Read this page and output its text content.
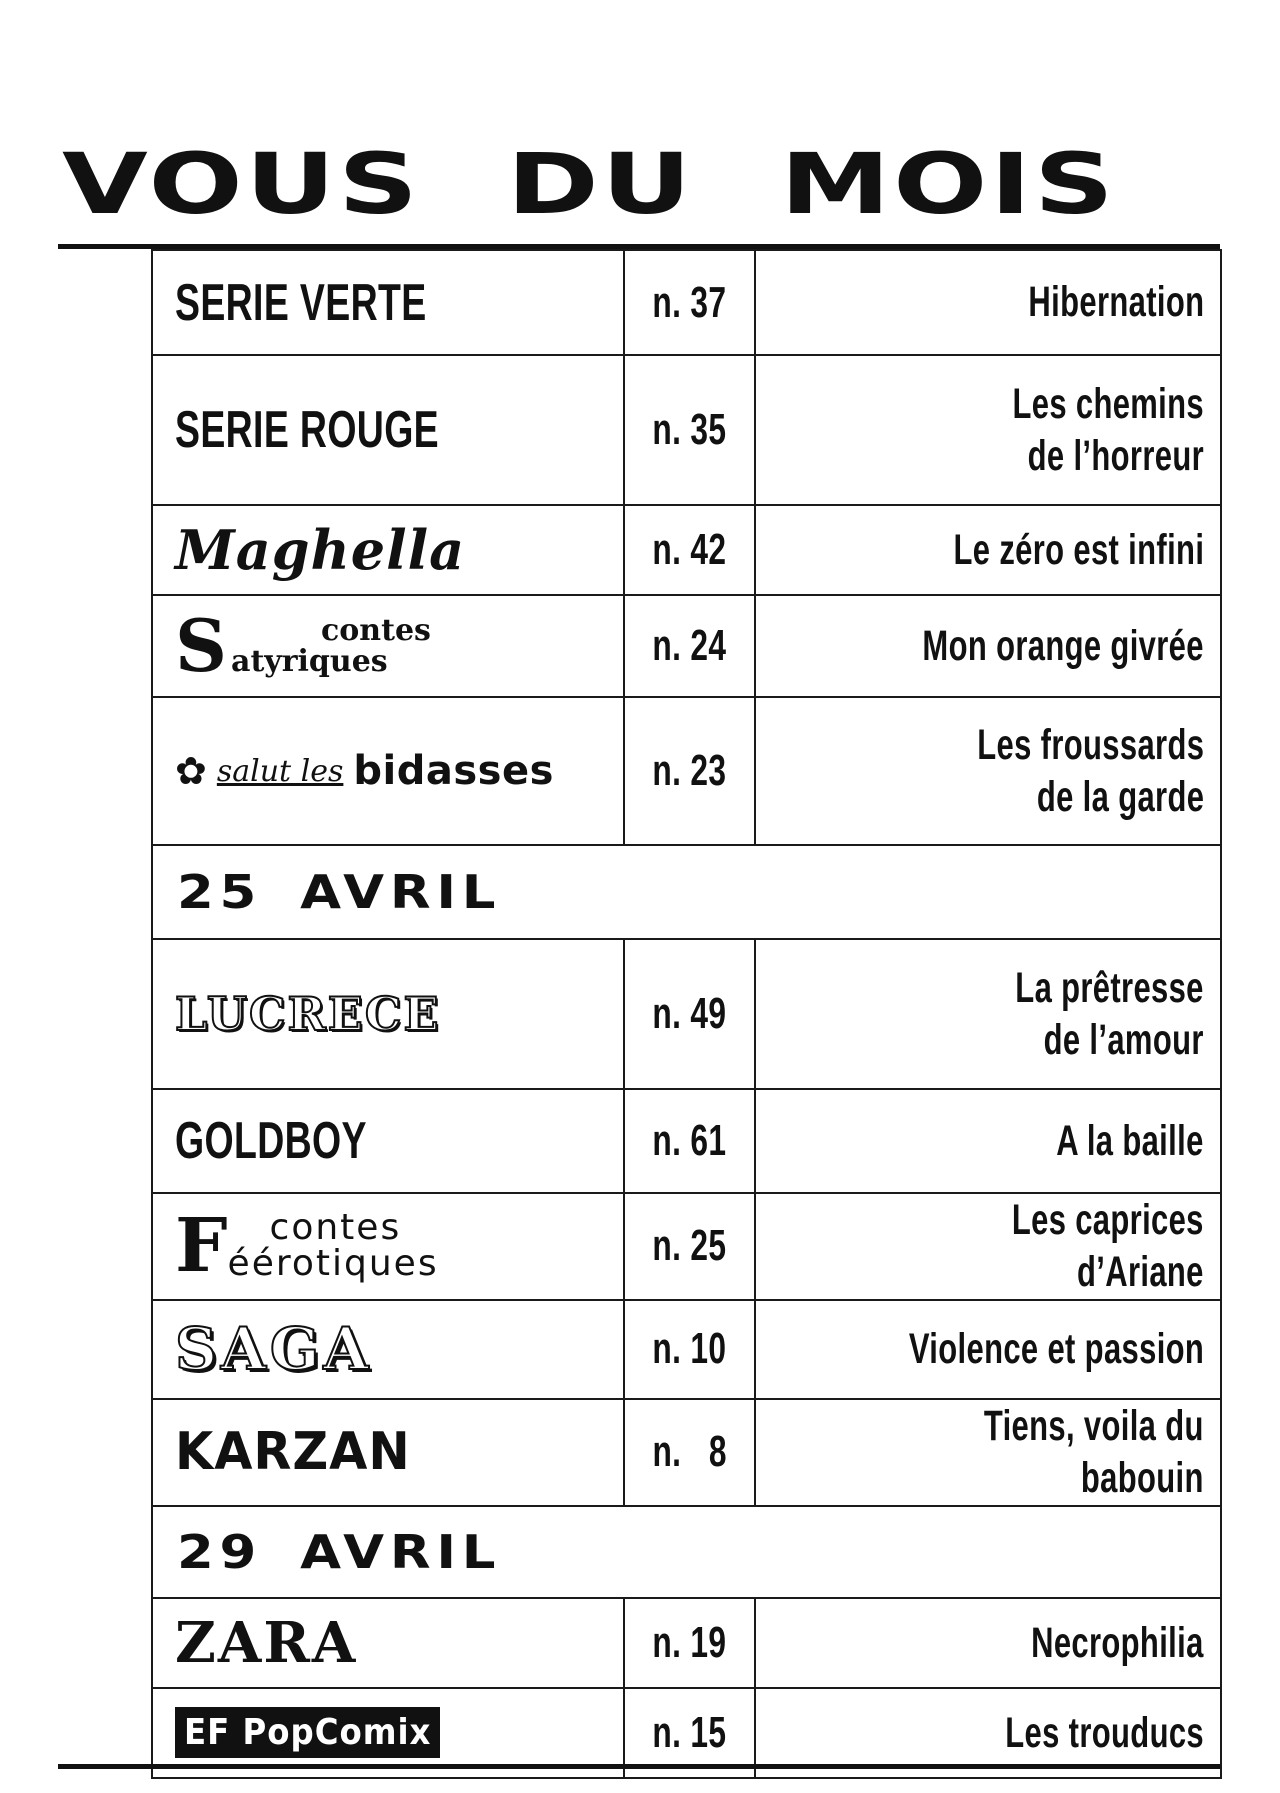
VOUS DU MOIS
SERIE VERTE	n. 37	Hibernation
SERIE ROUGE	n. 35	Les chemins
de l’horreur
Maghella	n. 42	Le zéro est infini

S contes
atyriques	n. 24	Mon orange givrée

✿ salut les bidasses	n. 23	Les froussards
de la garde
25 AVRIL		
LUCRECE	n. 49	La prêtresse
de l’amour
GOLDBOY	n. 61	A la baille

F contes
éérotiques	n. 25	Les caprices d’Ariane
SAGA	n. 10	Violence et passion
KARZAN	n.   8	Tiens, voila du babouin
29 AVRIL		
ZARA	n. 19	Necrophilia
EF PopComix	n. 15	Les trouducs
